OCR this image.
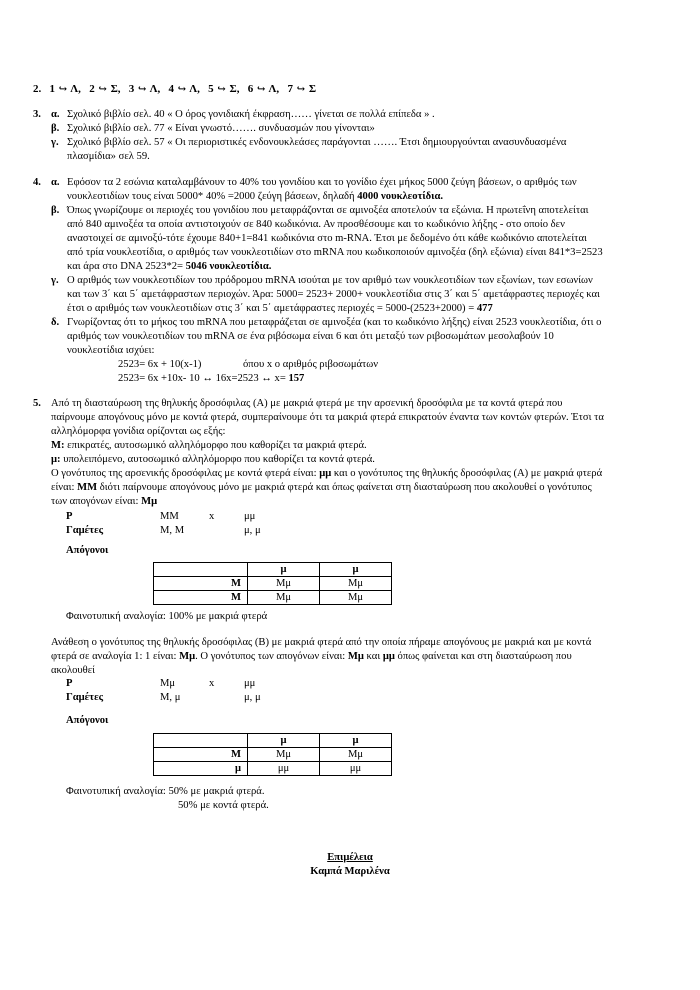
2. 1 ↪ Λ, 2 ↪ Σ, 3 ↪ Λ, 4 ↪ Λ, 5 ↪ Σ, 6 ↪ Λ, 7 ↪ Σ
3. α. Σχολικό βιβλίο σελ. 40 « Ο όρος γονιδιακή έκφραση…… γίνεται σε πολλά επίπεδα » .
β. Σχολικό βιβλίο σελ. 77 « Είναι γνωστό……. συνδυασμών που γίνονται»
γ. Σχολικό βιβλίο σελ. 57 « Οι περιοριστικές ενδονουκλεάσες παράγονται ……. Έτσι δημιουργούνται ανασυνδυασμένα
πλασμίδια» σελ 59.
4. α. Εφόσον τα 2 εσώνια καταλαμβάνουν το 40% του γονιδίου και το γονίδιο έχει μήκος 5000 ζεύγη βάσεων, ο αριθμός των
νουκλεοτιδίων τους είναι 5000* 40% =2000 ζεύγη βάσεων, δηλαδή 4000 νουκλεοτίδια.
β. Όπως γνωρίζουμε οι περιοχές του γονιδίου που μεταφράζονται σε αμινοξέα αποτελούν τα εξώνια. Η πρωτεΐνη αποτελείται
από 840 αμινοξέα τα οποία αντιστοιχούν σε 840 κωδικόνια. Αν προσθέσουμε και το κωδικόνιο λήξης - στο οποίο δεν
αναστοιχεί σε αμινοξύ-τότε έχουμε 840+1=841 κωδικόνια στο m-RNA. Έτσι με δεδομένο ότι κάθε κωδικόνιο αποτελείται
από τρία νουκλεοτίδια, ο αριθμός των νουκλεοτιδίων στο mRNA που κωδικοποιούν αμινοξέα (δηλ εξώνια) είναι 841*3=2523
και άρα στο DNA 2523*2= 5046 νουκλεοτίδια.
γ. Ο αριθμός των νουκλεοτιδίων του πρόδρομου mRNA ισούται με τον αριθμό των νουκλεοτιδίων των εξωνίων, των εσωνίων
και των 3΄ και 5΄ αμετάφραστων περιοχών. Άρα: 5000= 2523+ 2000+ νουκλεοτίδια στις 3΄ και 5΄ αμετάφραστες περιοχές και
έτσι ο αριθμός των νουκλεοτιδίων στις 3΄ και 5΄ αμετάφραστες περιοχές = 5000-(2523+2000) = 477
δ. Γνωρίζοντας ότι το μήκος του mRNA που μεταφράζεται σε αμινοξέα (και το κωδικόνιο λήξης) είναι 2523 νουκλεοτίδια, ότι ο
αριθμός των νουκλεοτιδίων του mRNA σε ένα ριβόσωμα είναι 6 και ότι μεταξύ των ριβοσωμάτων μεσολαβούν 10
νουκλεοτίδια ισχύει:
2523= 6x + 10(x-1)	όπου x ο αριθμός ριβοσωμάτων
2523= 6x +10x- 10 ↔ 16x=2523 ↔ x= 157
5. Από τη διασταύρωση της θηλυκής δροσόφιλας (Α) με μακριά φτερά με την αρσενική δροσόφιλα με τα κοντά φτερά που
παίρνουμε απογόνους μόνο με κοντά φτερά, συμπεραίνουμε ότι τα μακριά φτερά επικρατούν έναντα των κοντών φτερών. Έτσι τα
αλληλόμορφα γονίδια ορίζονται ως εξής:
Μ: επικρατές, αυτοσωμικό αλληλόμορφο που καθορίζει τα μακριά φτερά.
μ: υπολειπόμενο, αυτοσωμικό αλληλόμορφο που καθορίζει τα κοντά φτερά.
Ο γονότυπος της αρσενικής δροσόφιλας με κοντά φτερά είναι: μμ και ο γονότυπος της θηλυκής δροσόφιλας (Α) με μακριά φτερά
είναι: ΜΜ διότι παίρνουμε απογόνους μόνο με μακριά φτερά και όπως φαίνεται στη διασταύρωση που ακολουθεί ο γονότυπος
των απογόνων είναι: Μμ
P	ΜΜ	x	μμ
Γαμέτες	Μ, Μ	μ, μ
Απόγονοι
	μ	μ
Μ	Μμ	Μμ
Μ	Μμ	Μμ
Φαινοτυπική αναλογία: 100% με μακριά φτερά
Ανάθεση ο γονότυπος της θηλυκής δροσόφιλας (Β) με μακριά φτερά από την οποία πήραμε απογόνους με μακριά και με κοντά
φτερά σε αναλογία 1: 1 είναι: Μμ. Ο γονότυπος των απογόνων είναι: Μμ και μμ όπως φαίνεται και στη διασταύρωση που
ακολουθεί
P	Μμ	x	μμ
Γαμέτες	Μ, μ	μ, μ
Απόγονοι
	μ	μ
Μ	Μμ	Μμ
μ	μμ	μμ
Φαινοτυπική αναλογία: 50% με μακριά φτερά.
50% με κοντά φτερά.
Επιμέλεια
Καμπά Μαριλένα
